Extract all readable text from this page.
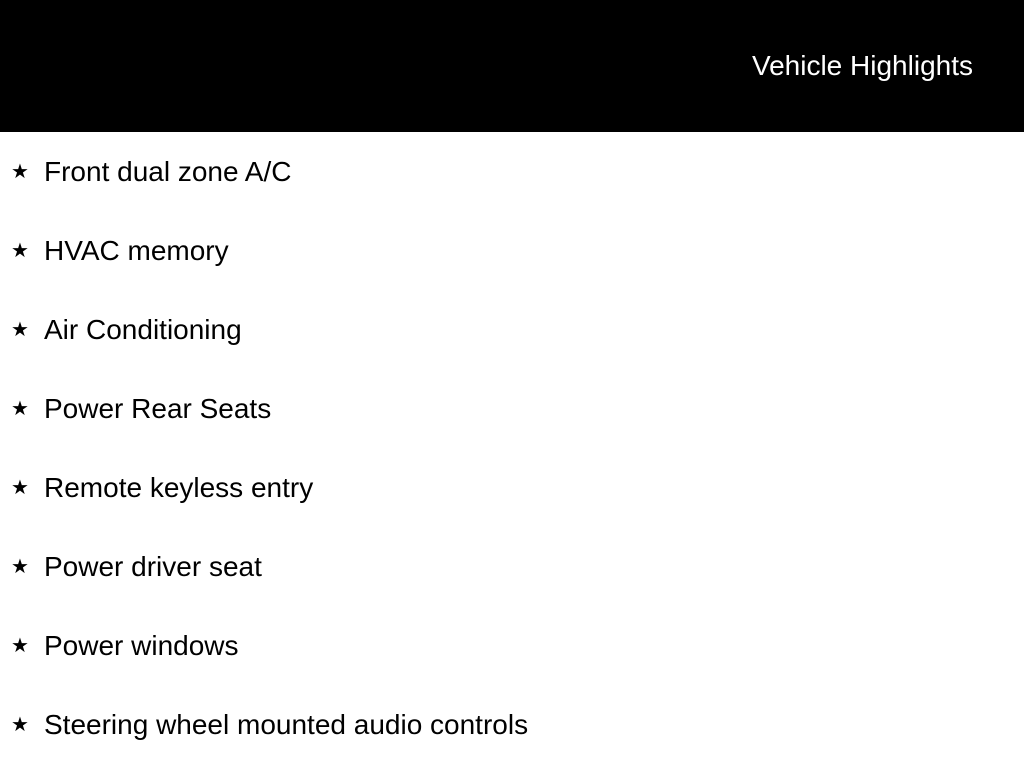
Vehicle Highlights
★ Front dual zone A/C
★ HVAC memory
★ Air Conditioning
★ Power Rear Seats
★ Remote keyless entry
★ Power driver seat
★ Power windows
★ Steering wheel mounted audio controls
